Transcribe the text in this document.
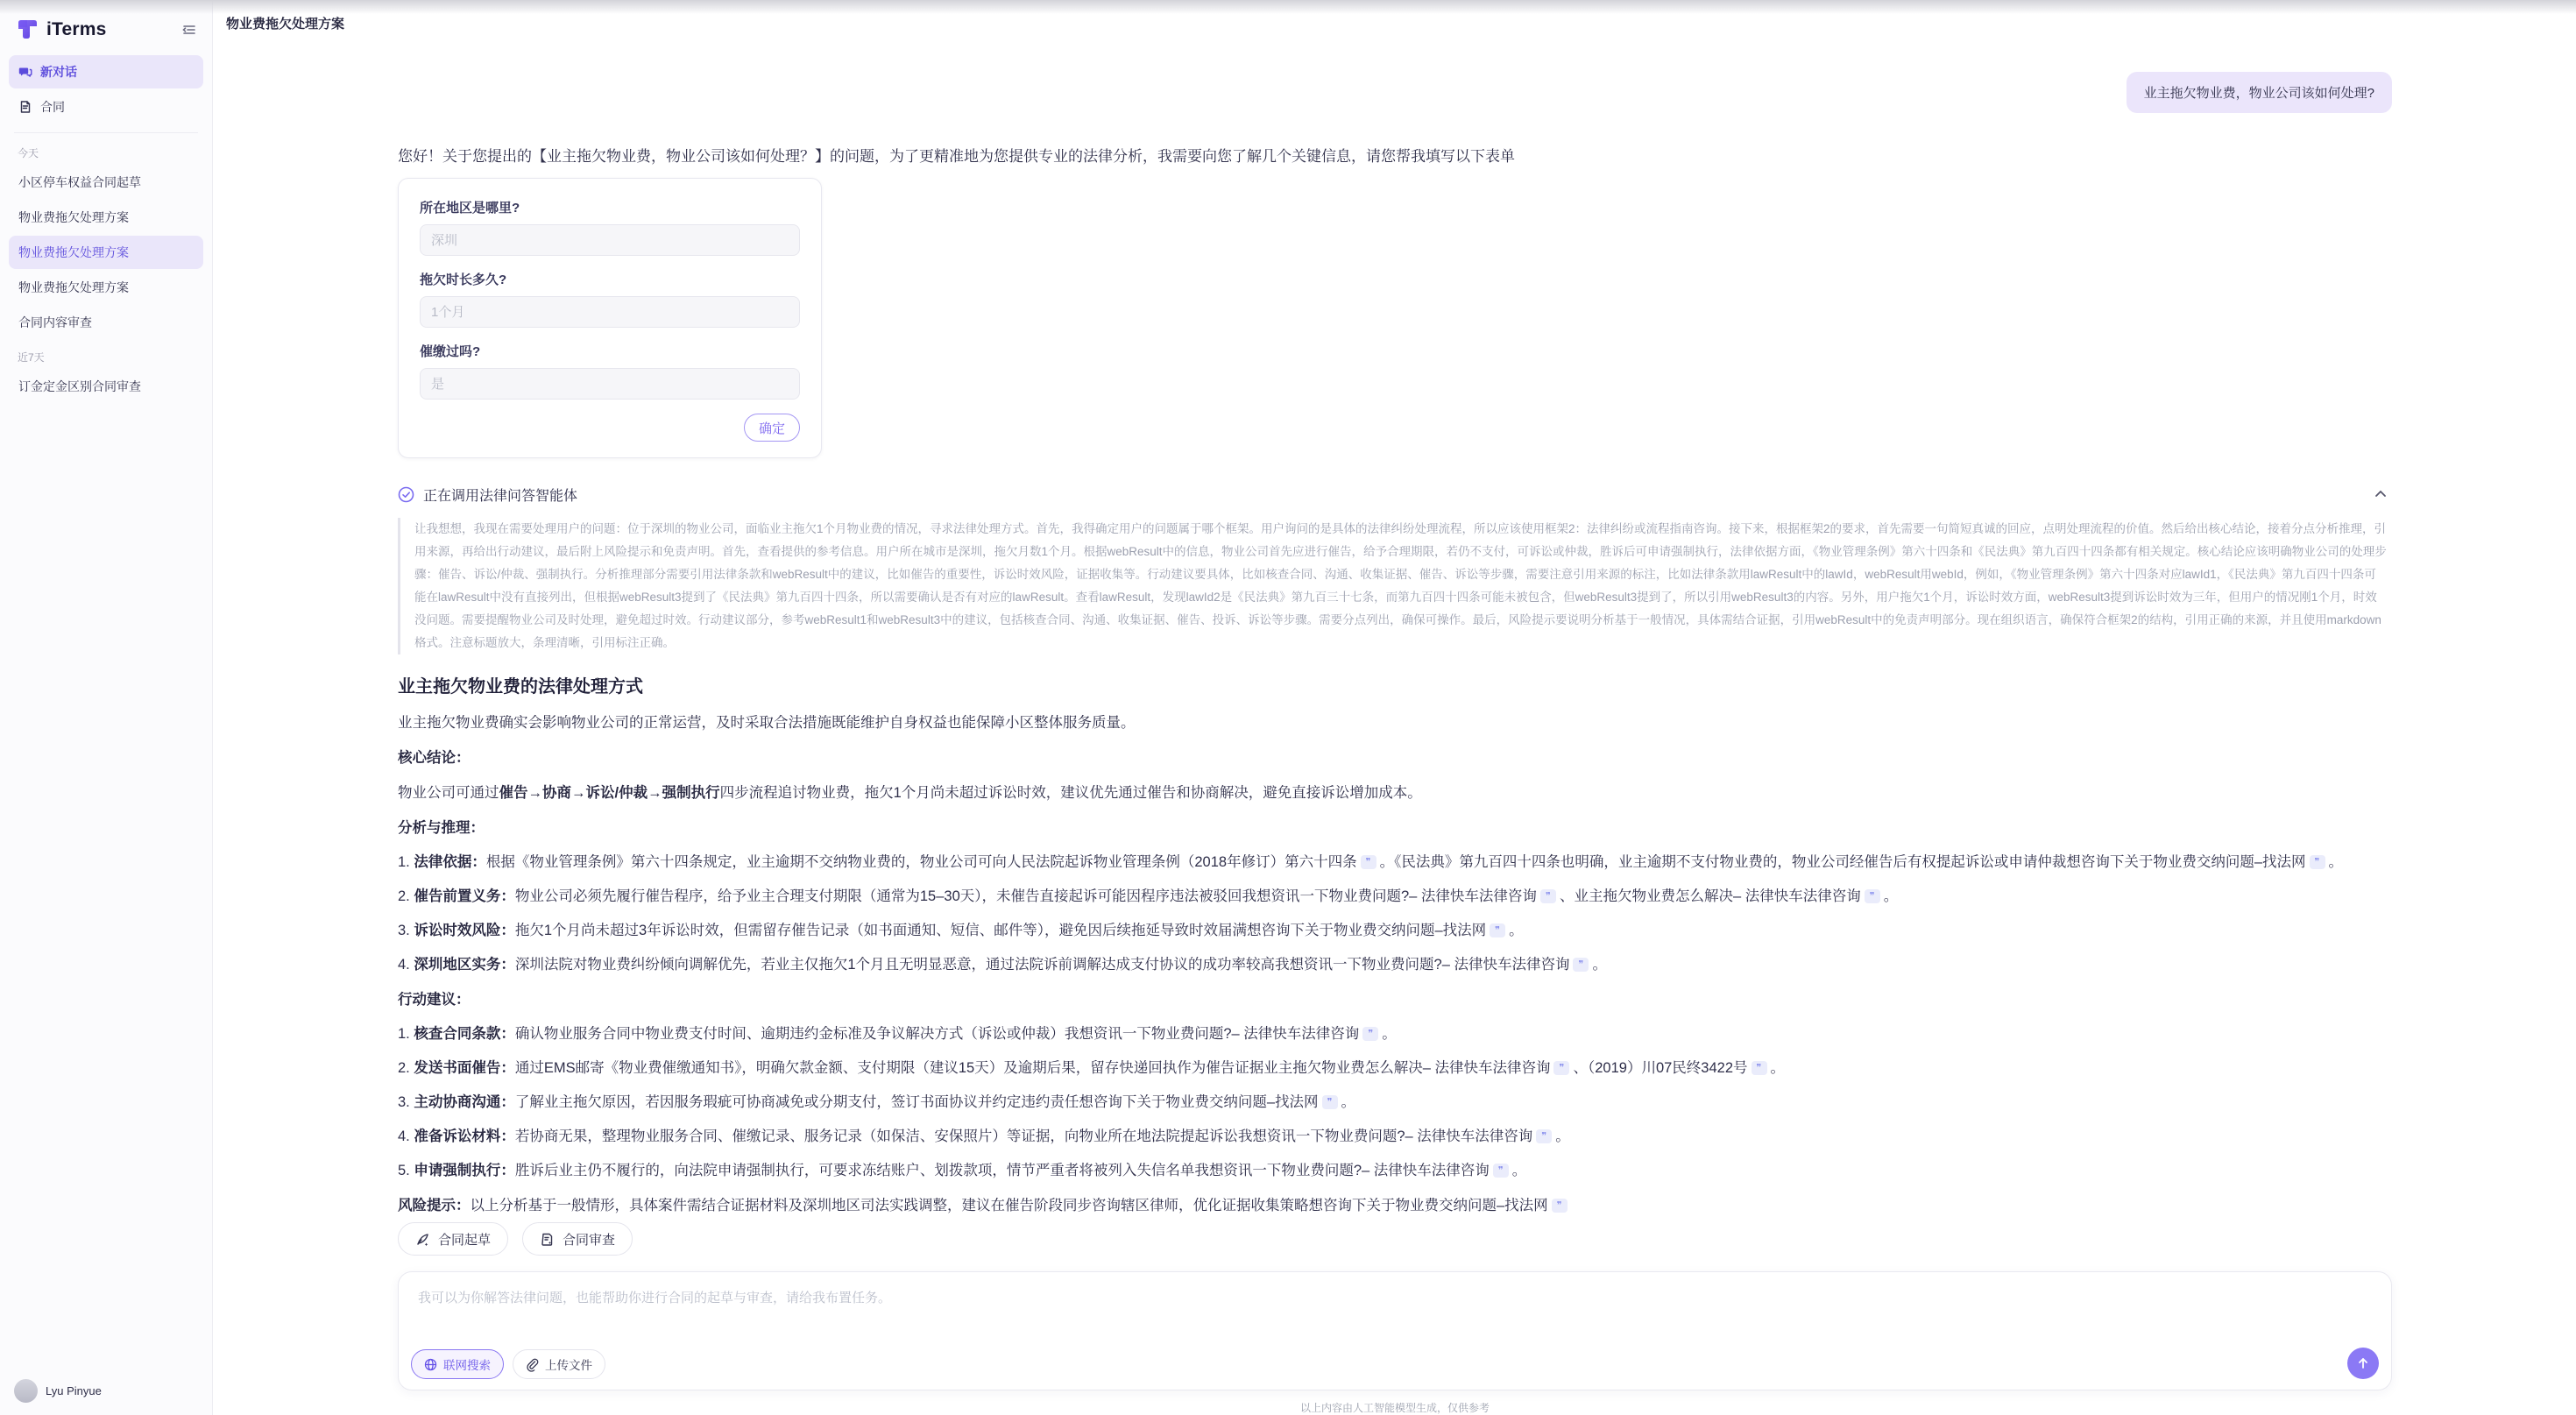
iTerms
新对话
合同
今天
小区停车权益合同起草
物业费拖欠处理方案
物业费拖欠处理方案
物业费拖欠处理方案
合同内容审查
近7天
订金定金区别合同审查
Lyu Pinyue
物业费拖欠处理方案
业主拖欠物业费，物业公司该如何处理?
您好！关于您提出的【业主拖欠物业费，物业公司该如何处理？】的问题，为了更精准地为您提供专业的法律分析，我需要向您了解几个关键信息，请您帮我填写以下表单
所在地区是哪里?
深圳
拖欠时长多久?
1个月
催缴过吗?
是
确定
正在调用法律问答智能体
让我想想，我现在需要处理用户的问题：位于深圳的物业公司，面临业主拖欠1个月物业费的情况，寻求法律处理方式。首先，我得确定用户的问题属于哪个框架。用户询问的是具体的法律纠纷处理流程，所以应该使用框架2：法律纠纷或流程指南咨询。接下来，根据框架2的要求，首先需要一句简短真诚的回应，点明处理流程的价值。然后给出核心结论，接着分点分析推理，引用来源，再给出行动建议，最后附上风险提示和免责声明。首先，查看提供的参考信息。用户所在城市是深圳，拖欠月数1个月。根据webResult中的信息，物业公司首先应进行催告，给予合理期限，若仍不支付，可诉讼或仲裁，胜诉后可申请强制执行，法律依据方面，《物业管理条例》第六十四条和《民法典》第九百四十四条都有相关规定。核心结论应该明确物业公司的处理步骤：催告、诉讼/仲裁、强制执行。分析推理部分需要引用法律条款和webResult中的建议，比如催告的重要性，诉讼时效风险，证据收集等。行动建议要具体，比如核查合同、沟通、收集证据、催告、诉讼等步骤，需要注意引用来源的标注，比如法律条款用lawResult中的lawId，webResult用webId，例如，《物业管理条例》第六十四条对应lawId1，《民法典》第九百四十四条可能在lawResult中没有直接列出，但根据webResult3提到了《民法典》第九百四十四条，所以需要确认是否有对应的lawResult。查看lawResult，发现lawId2是《民法典》第九百三十七条，而第九百四十四条可能未被包含，但webResult3提到了，所以引用webResult3的内容。另外，用户拖欠1个月，诉讼时效方面，webResult3提到诉讼时效为三年，但用户的情况刚1个月，时效没问题。需要提醒物业公司及时处理，避免超过时效。行动建议部分，参考webResult1和webResult3中的建议，包括核查合同、沟通、收集证据、催告、投诉、诉讼等步骤。需要分点列出，确保可操作。最后，风险提示要说明分析基于一般情况，具体需结合证据，引用webResult中的免责声明部分。现在组织语言，确保符合框架2的结构，引用正确的来源，并且使用markdown格式。注意标题放大，条理清晰，引用标注正确。
业主拖欠物业费的法律处理方式
业主拖欠物业费确实会影响物业公司的正常运营，及时采取合法措施既能维护自身权益也能保障小区整体服务质量。
核心结论：
物业公司可通过催告→协商→诉讼/仲裁→强制执行四步流程追讨物业费，拖欠1个月尚未超过诉讼时效，建议优先通过催告和协商解决，避免直接诉讼增加成本。
分析与推理：
1. 法律依据：根据《物业管理条例》第六十四条规定，业主逾期不交纳物业费的，物业公司可向人民法院起诉物业管理条例（2018年修订）第六十四条 ❞ 。《民法典》第九百四十四条也明确，业主逾期不支付物业费的，物业公司经催告后有权提起诉讼或申请仲裁想咨询下关于物业费交纳问题–找法网 ❞ 。
2. 催告前置义务：物业公司必须先履行催告程序，给予业主合理支付期限（通常为15–30天），未催告直接起诉可能因程序违法被驳回我想资讯一下物业费问题?– 法律快车法律咨询 ❞ 、业主拖欠物业费怎么解决– 法律快车法律咨询 ❞ 。
3. 诉讼时效风险：拖欠1个月尚未超过3年诉讼时效，但需留存催告记录（如书面通知、短信、邮件等），避免因后续拖延导致时效届满想咨询下关于物业费交纳问题–找法网 ❞ 。
4. 深圳地区实务：深圳法院对物业费纠纷倾向调解优先，若业主仅拖欠1个月且无明显恶意，通过法院诉前调解达成支付协议的成功率较高我想资讯一下物业费问题?– 法律快车法律咨询 ❞ 。
行动建议：
1. 核查合同条款：确认物业服务合同中物业费支付时间、逾期违约金标准及争议解决方式（诉讼或仲裁）我想资讯一下物业费问题?– 法律快车法律咨询 ❞ 。
2. 发送书面催告：通过EMS邮寄《物业费催缴通知书》，明确欠款金额、支付期限（建议15天）及逾期后果，留存快递回执作为催告证据业主拖欠物业费怎么解决– 法律快车法律咨询 ❞ 、（2019）川07民终3422号 ❞ 。
3. 主动协商沟通：了解业主拖欠原因，若因服务瑕疵可协商减免或分期支付，签订书面协议并约定违约责任想咨询下关于物业费交纳问题–找法网 ❞ 。
4. 准备诉讼材料：若协商无果，整理物业服务合同、催缴记录、服务记录（如保洁、安保照片）等证据，向物业所在地法院提起诉讼我想资讯一下物业费问题?– 法律快车法律咨询 ❞ 。
5. 申请强制执行：胜诉后业主仍不履行的，向法院申请强制执行，可要求冻结账户、划拨款项，情节严重者将被列入失信名单我想资讯一下物业费问题?– 法律快车法律咨询 ❞ 。
风险提示：以上分析基于一般情形，具体案件需结合证据材料及深圳地区司法实践调整，建议在催告阶段同步咨询辖区律师，优化证据收集策略想咨询下关于物业费交纳问题–找法网 ❞
合同起草	合同审查
我可以为你解答法律问题，也能帮助你进行合同的起草与审查，请给我布置任务。
联网搜索	上传文件
以上内容由人工智能模型生成，仅供参考
